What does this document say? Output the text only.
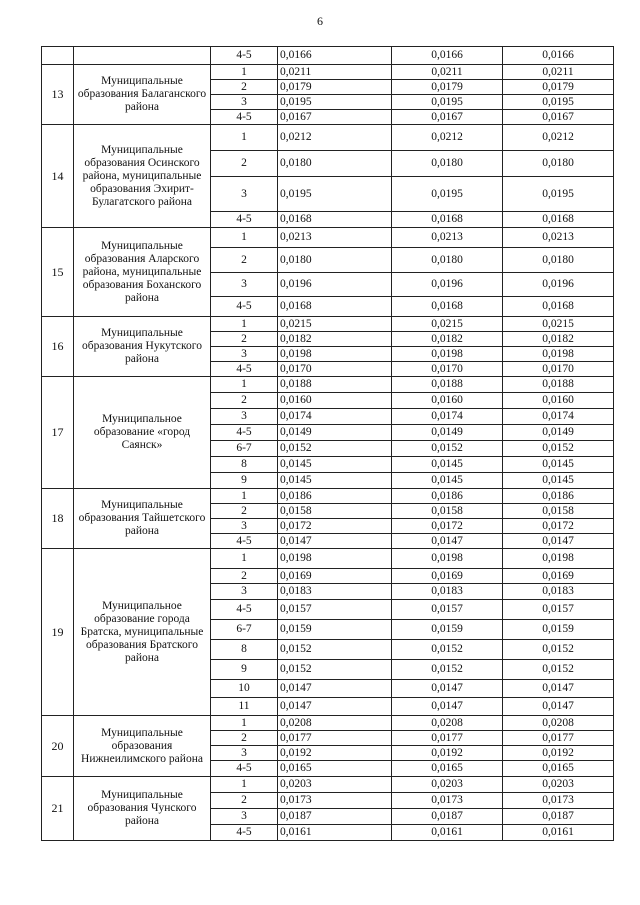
6
		4-5	0,0166	0,0166	0,0166
13	Муниципальные образования Балаганского района	1	0,0211	0,0211	0,0211
		2	0,0179	0,0179	0,0179
		3	0,0195	0,0195	0,0195
		4-5	0,0167	0,0167	0,0167
14	Муниципальные образования Осинского района, муниципальные образования Эхирит-Булагатского района	1	0,0212	0,0212	0,0212
		2	0,0180	0,0180	0,0180
		3	0,0195	0,0195	0,0195
		4-5	0,0168	0,0168	0,0168
15	Муниципальные образования Аларского района, муниципальные образования Боханского района	1	0,0213	0,0213	0,0213
		2	0,0180	0,0180	0,0180
		3	0,0196	0,0196	0,0196
		4-5	0,0168	0,0168	0,0168
16	Муниципальные образования Нукутского района	1	0,0215	0,0215	0,0215
		2	0,0182	0,0182	0,0182
		3	0,0198	0,0198	0,0198
		4-5	0,0170	0,0170	0,0170
17	Муниципальное образование «город Саянск»	1	0,0188	0,0188	0,0188
		2	0,0160	0,0160	0,0160
		3	0,0174	0,0174	0,0174
		4-5	0,0149	0,0149	0,0149
		6-7	0,0152	0,0152	0,0152
		8	0,0145	0,0145	0,0145
		9	0,0145	0,0145	0,0145
18	Муниципальные образования Тайшетского района	1	0,0186	0,0186	0,0186
		2	0,0158	0,0158	0,0158
		3	0,0172	0,0172	0,0172
		4-5	0,0147	0,0147	0,0147
19	Муниципальное образование города Братска, муниципальные образования Братского района	1	0,0198	0,0198	0,0198
		2	0,0169	0,0169	0,0169
		3	0,0183	0,0183	0,0183
		4-5	0,0157	0,0157	0,0157
		6-7	0,0159	0,0159	0,0159
		8	0,0152	0,0152	0,0152
		9	0,0152	0,0152	0,0152
		10	0,0147	0,0147	0,0147
		11	0,0147	0,0147	0,0147
20	Муниципальные образования Нижнеилимского района	1	0,0208	0,0208	0,0208
		2	0,0177	0,0177	0,0177
		3	0,0192	0,0192	0,0192
		4-5	0,0165	0,0165	0,0165
21	Муниципальные образования Чунского района	1	0,0203	0,0203	0,0203
		2	0,0173	0,0173	0,0173
		3	0,0187	0,0187	0,0187
		4-5	0,0161	0,0161	0,0161
